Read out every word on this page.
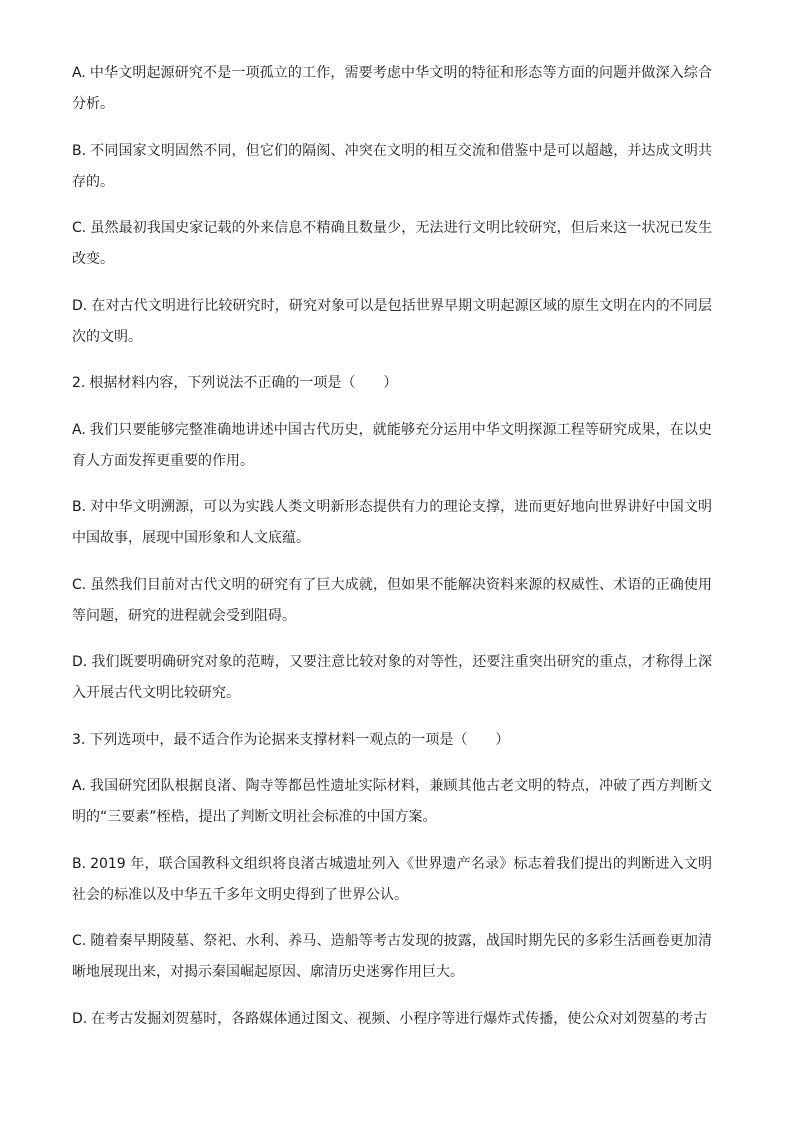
A. 中华文明起源研究不是一项孤立的工作，需要考虑中华文明的特征和形态等方面的问题并做深入综合分析。

B. 不同国家文明固然不同，但它们的隔阂、冲突在文明的相互交流和借鉴中是可以超越，并达成文明共存的。

C. 虽然最初我国史家记载的外来信息不精确且数量少，无法进行文明比较研究，但后来这一状况已发生改变。

D. 在对古代文明进行比较研究时，研究对象可以是包括世界早期文明起源区域的原生文明在内的不同层次的文明。

2. 根据材料内容，下列说法不正确的一项是（　　）

A. 我们只要能够完整准确地讲述中国古代历史，就能够充分运用中华文明探源工程等研究成果，在以史育人方面发挥更重要的作用。

B. 对中华文明溯源，可以为实践人类文明新形态提供有力的理论支撑，进而更好地向世界讲好中国文明中国故事，展现中国形象和人文底蕴。

C. 虽然我们目前对古代文明的研究有了巨大成就，但如果不能解决资料来源的权威性、术语的正确使用等问题，研究的进程就会受到阻碍。

D. 我们既要明确研究对象的范畴，又要注意比较对象的对等性，还要注重突出研究的重点，才称得上深入开展古代文明比较研究。

3. 下列选项中，最不适合作为论据来支撑材料一观点的一项是（　　）

A. 我国研究团队根据良渚、陶寺等都邑性遗址实际材料，兼顾其他古老文明的特点，冲破了西方判断文明的“三要素”桎梏，提出了判断文明社会标准的中国方案。

B. 2019 年，联合国教科文组织将良渚古城遗址列入《世界遗产名录》标志着我们提出的判断进入文明社会的标准以及中华五千多年文明史得到了世界公认。

C. 随着秦早期陵墓、祭祀、水利、养马、造船等考古发现的披露，战国时期先民的多彩生活画卷更加清晰地展现出来，对揭示秦国崛起原因、廓清历史迷雾作用巨大。

D. 在考古发掘刘贺墓时，各路媒体通过图文、视频、小程序等进行爆炸式传播，使公众对刘贺墓的考古
